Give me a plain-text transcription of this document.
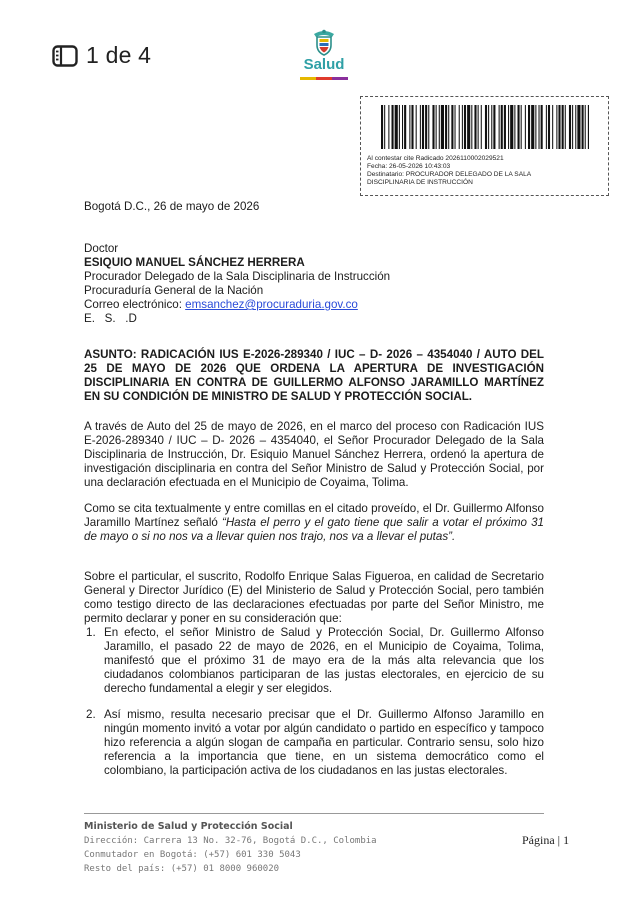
1 de 4	Salud
Al contestar cite Radicado 2026110002029521
Fecha: 26-05-2026 10:43:03
Destinatario: PROCURADOR DELEGADO DE LA SALA
DISCIPLINARIA DE INSTRUCCIÓN
Bogotá D.C., 26 de mayo de 2026
Doctor
ESIQUIO MANUEL SÁNCHEZ HERRERA
Procurador Delegado de la Sala Disciplinaria de Instrucción
Procuraduría General de la Nación
Correo electrónico: emsanchez@procuraduria.gov.co
E.   S.   .D
ASUNTO: RADICACIÓN IUS E-2026-289340 / IUC – D- 2026 – 4354040 / AUTO DEL 25 DE MAYO DE 2026 QUE ORDENA LA APERTURA DE INVESTIGACIÓN DISCIPLINARIA EN CONTRA DE GUILLERMO ALFONSO JARAMILLO MARTÍNEZ EN SU CONDICIÓN DE MINISTRO DE SALUD Y PROTECCIÓN SOCIAL.
A través de Auto del 25 de mayo de 2026, en el marco del proceso con Radicación IUS E-2026-289340 / IUC – D- 2026 – 4354040, el Señor Procurador Delegado de la Sala Disciplinaria de Instrucción, Dr. Esiquio Manuel Sánchez Herrera, ordenó la apertura de investigación disciplinaria en contra del Señor Ministro de Salud y Protección Social, por una declaración efectuada en el Municipio de Coyaima, Tolima.
Como se cita textualmente y entre comillas en el citado proveído, el Dr. Guillermo Alfonso Jaramillo Martínez señaló “Hasta el perro y el gato tiene que salir a votar el próximo 31 de mayo o si no nos va a llevar quien nos trajo, nos va a llevar el putas”.
Sobre el particular, el suscrito, Rodolfo Enrique Salas Figueroa, en calidad de Secretario General y Director Jurídico (E) del Ministerio de Salud y Protección Social, pero también como testigo directo de las declaraciones efectuadas por parte del Señor Ministro, me permito declarar y poner en su consideración que:
1. En efecto, el señor Ministro de Salud y Protección Social, Dr. Guillermo Alfonso Jaramillo, el pasado 22 de mayo de 2026, en el Municipio de Coyaima, Tolima, manifestó que el próximo 31 de mayo era de la más alta relevancia que los ciudadanos colombianos participaran de las justas electorales, en ejercicio de su derecho fundamental a elegir y ser elegidos.
2. Así mismo, resulta necesario precisar que el Dr. Guillermo Alfonso Jaramillo en ningún momento invitó a votar por algún candidato o partido en específico y tampoco hizo referencia a algún slogan de campaña en particular. Contrario sensu, solo hizo referencia a la importancia que tiene, en un sistema democrático como el colombiano, la participación activa de los ciudadanos en las justas electorales.
Ministerio de Salud y Protección Social
Dirección: Carrera 13 No. 32-76, Bogotá D.C., Colombia
Conmutador en Bogotá: (+57) 601 330 5043
Resto del país: (+57) 01 8000 960020
Página | 1
